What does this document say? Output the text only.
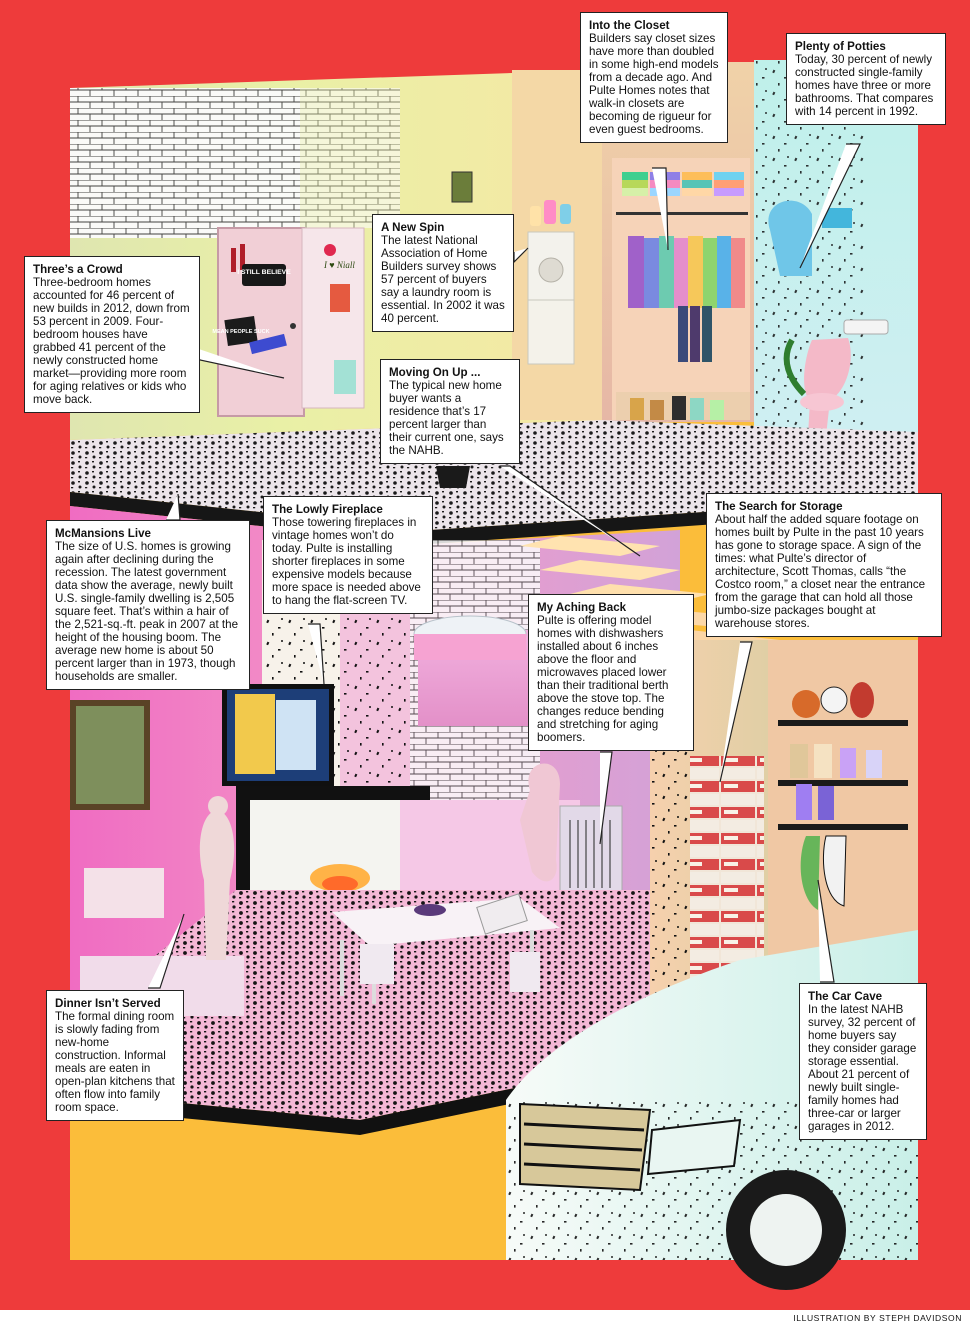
I STILL BELIEVE
I ♥ Niall
MEAN PEOPLE SUCK
Into the Closet
Builders say closet sizes have more than doubled in some high-end models from a decade ago. And Pulte Homes notes that walk-in closets are becoming de rigueur for even guest bedrooms.
Plenty of Potties
Today, 30 percent of newly constructed single-family homes have three or more bathrooms. That compares with 14 percent in 1992.
Three’s a Crowd
Three-bedroom homes accounted for 46 percent of new builds in 2012, down from 53 percent in 2009. Four-bedroom houses have grabbed 41 percent of the newly constructed home market—providing more room for aging relatives or kids who move back.
A New Spin
The latest National Association of Home Builders survey shows 57 percent of buyers say a laundry room is essential. In 2002 it was 40 percent.
Moving On Up ...
The typical new home buyer wants a residence that’s 17 percent larger than their current one, says the NAHB.
McMansions Live
The size of U.S. homes is growing again after declining during the recession. The latest government data show the average, newly built U.S. single-family dwelling is 2,505 square feet. That’s within a hair of the 2,521-sq.-ft. peak in 2007 at the height of the housing boom. The average new home is about 50 percent larger than in 1973, though households are smaller.
The Lowly Fireplace
Those towering fireplaces in vintage homes won’t do today. Pulte is installing shorter fireplaces in some expensive models because more space is needed above to hang the flat-screen TV.
The Search for Storage
About half the added square footage on homes built by Pulte in the past 10 years has gone to storage space. A sign of the times: what Pulte’s director of architecture, Scott Thomas, calls “the Costco room,” a closet near the entrance from the garage that can hold all those jumbo-size packages bought at warehouse stores.
My Aching Back
Pulte is offering model homes with dishwashers installed about 6 inches above the floor and microwaves placed lower than their traditional berth above the stove top. The changes reduce bending and stretching for aging boomers.
Dinner Isn’t Served
The formal dining room is slowly fading from new-home construction. Informal meals are eaten in open-plan kitchens that often flow into family room space.
The Car Cave
In the latest NAHB survey, 32 percent of home buyers say they consider garage storage essential. About 21 percent of newly built single-family homes had three-car or larger garages in 2012.
ILLUSTRATION BY STEPH DAVIDSON
